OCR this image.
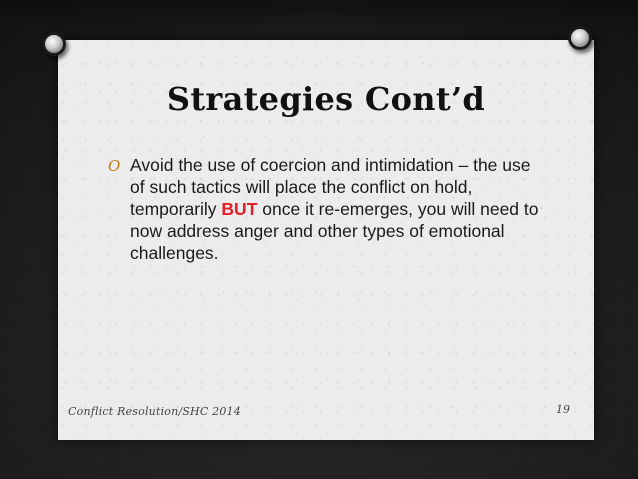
Strategies Cont’d
O Avoid the use of coercion and intimidation – the use of such tactics will place the conflict on hold, temporarily BUT once it re-emerges, you will need to now address anger and other types of emotional challenges.
Conflict Resolution/SHC 2014	19
